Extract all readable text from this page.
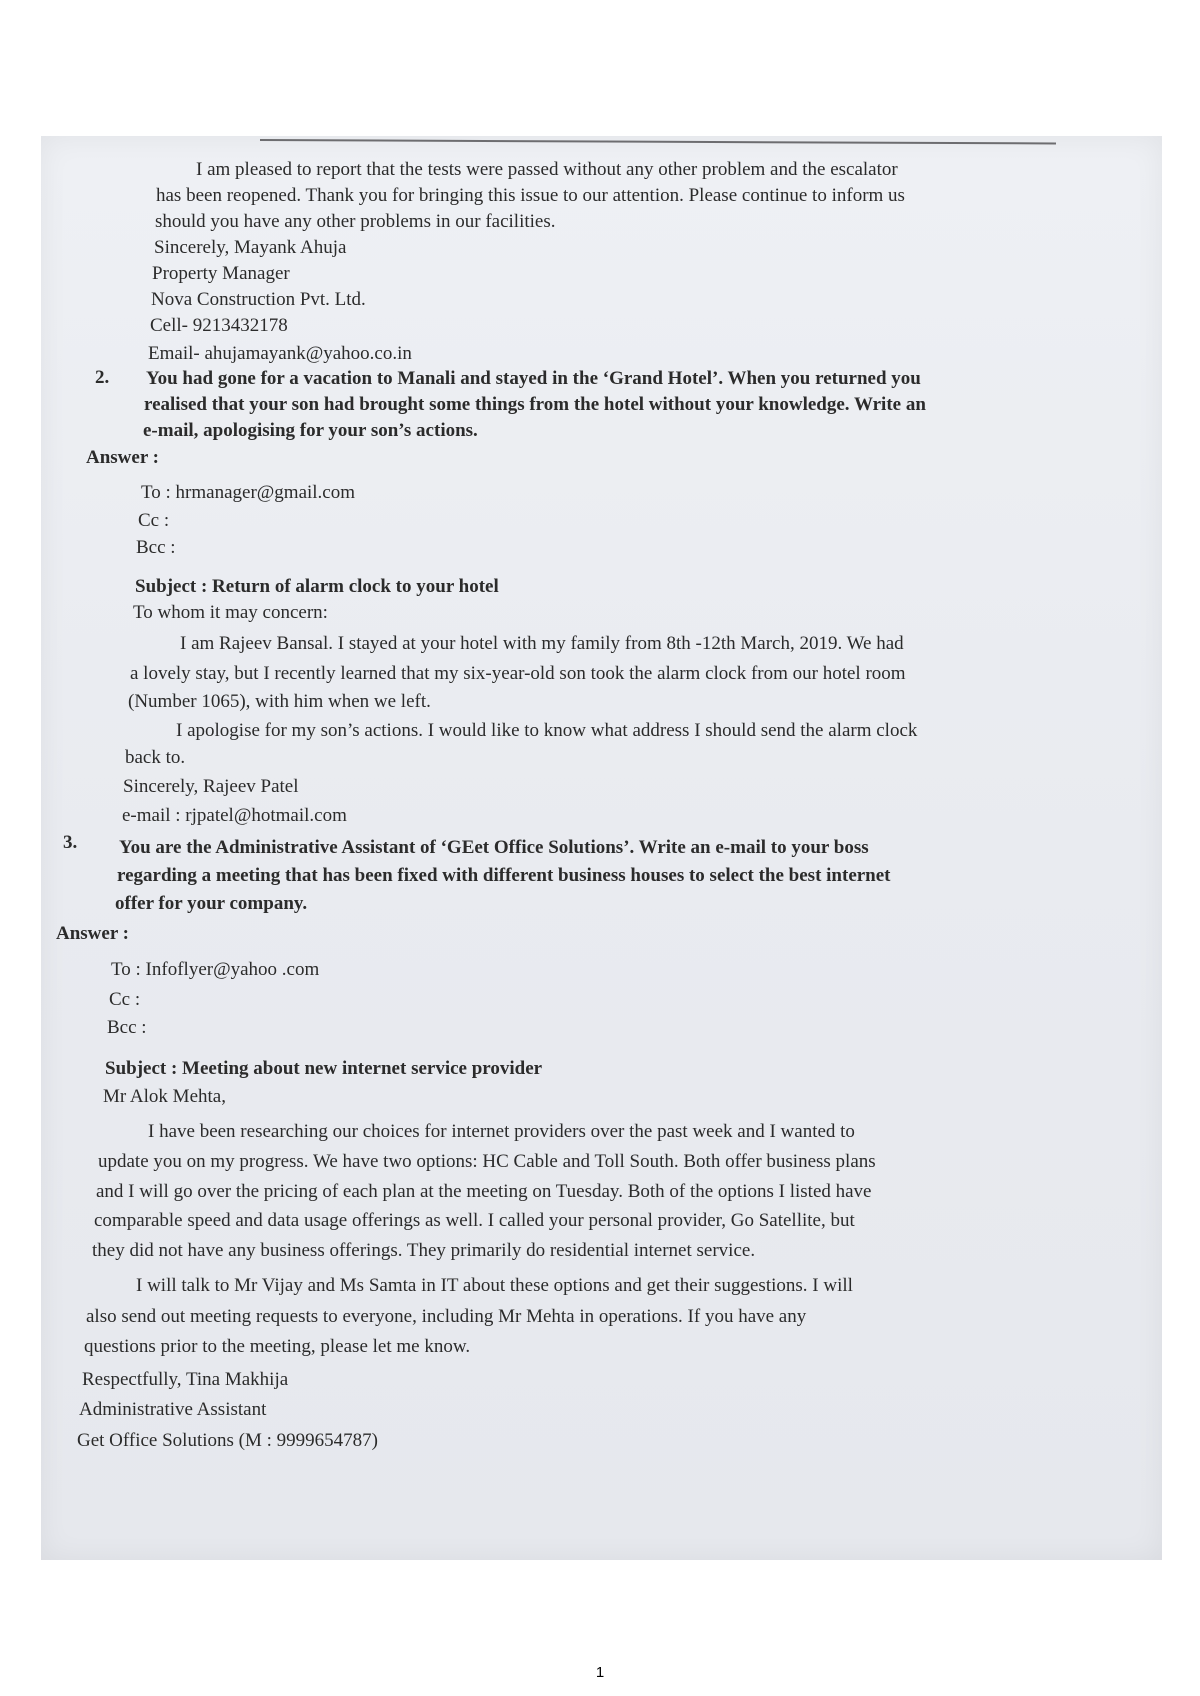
I am pleased to report that the tests were passed without any other problem and the escalator
has been reopened. Thank you for bringing this issue to our attention. Please continue to inform us
should you have any other problems in our facilities.
Sincerely, Mayank Ahuja
Property Manager
Nova Construction Pvt. Ltd.
Cell- 9213432178
Email- ahujamayank@yahoo.co.in
2. You had gone for a vacation to Manali and stayed in the ‘Grand Hotel’. When you returned you
realised that your son had brought some things from the hotel without your knowledge. Write an
e-mail, apologising for your son’s actions.
Answer :
To : hrmanager@gmail.com
Cc :
Bcc :
Subject : Return of alarm clock to your hotel
To whom it may concern:
I am Rajeev Bansal. I stayed at your hotel with my family from 8th -12th March, 2019. We had
a lovely stay, but I recently learned that my six-year-old son took the alarm clock from our hotel room
(Number 1065), with him when we left.
I apologise for my son’s actions. I would like to know what address I should send the alarm clock
back to.
Sincerely, Rajeev Patel
e-mail : rjpatel@hotmail.com
3. You are the Administrative Assistant of ‘GEet Office Solutions’. Write an e-mail to your boss
regarding a meeting that has been fixed with different business houses to select the best internet
offer for your company.
Answer :
To : Infoflyer@yahoo .com
Cc :
Bcc :
Subject : Meeting about new internet service provider
Mr Alok Mehta,
I have been researching our choices for internet providers over the past week and I wanted to
update you on my progress. We have two options: HC Cable and Toll South. Both offer business plans
and I will go over the pricing of each plan at the meeting on Tuesday. Both of the options I listed have
comparable speed and data usage offerings as well. I called your personal provider, Go Satellite, but
they did not have any business offerings. They primarily do residential internet service.
I will talk to Mr Vijay and Ms Samta in IT about these options and get their suggestions. I will
also send out meeting requests to everyone, including Mr Mehta in operations. If you have any
questions prior to the meeting, please let me know.
Respectfully, Tina Makhija
Administrative Assistant
Get Office Solutions (M : 9999654787)
1
